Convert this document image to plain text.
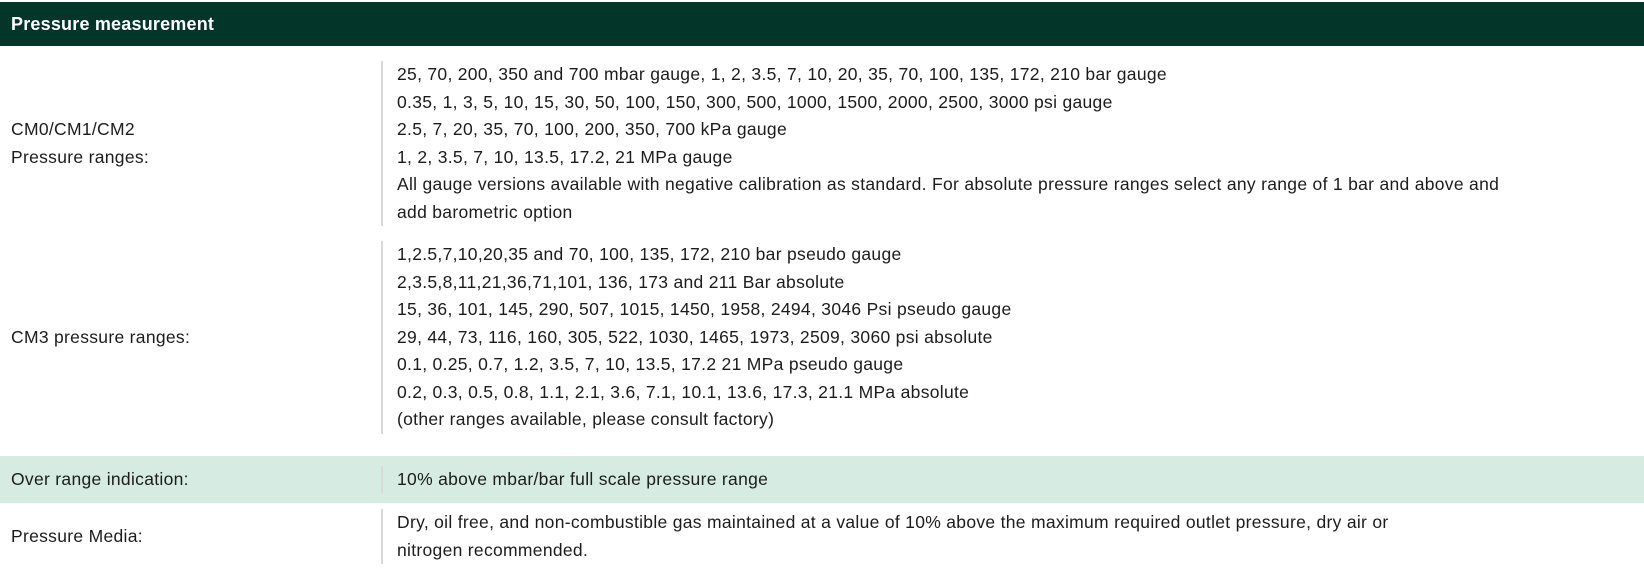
Pressure measurement
CM0/CM1/CM2
Pressure ranges:
25, 70, 200, 350 and 700 mbar gauge, 1, 2, 3.5, 7, 10, 20, 35, 70, 100, 135, 172, 210 bar gauge
0.35, 1, 3, 5, 10, 15, 30, 50, 100, 150, 300, 500, 1000, 1500, 2000, 2500, 3000 psi gauge
2.5, 7, 20, 35, 70, 100, 200, 350, 700 kPa gauge
1, 2, 3.5, 7, 10, 13.5, 17.2, 21 MPa gauge
All gauge versions available with negative calibration as standard. For absolute pressure ranges select any range of 1 bar and above and add barometric option
CM3 pressure ranges:
1,2.5,7,10,20,35 and 70, 100, 135, 172, 210 bar pseudo gauge
2,3.5,8,11,21,36,71,101, 136, 173 and 211 Bar absolute
15, 36, 101, 145, 290, 507, 1015, 1450, 1958, 2494, 3046 Psi pseudo gauge
29, 44, 73, 116, 160, 305, 522, 1030, 1465, 1973, 2509, 3060 psi absolute
0.1, 0.25, 0.7, 1.2, 3.5, 7, 10, 13.5, 17.2 21 MPa pseudo gauge
0.2, 0.3, 0.5, 0.8, 1.1, 2.1, 3.6, 7.1, 10.1, 13.6, 17.3, 21.1 MPa absolute
(other ranges available, please consult factory)
Over range indication:	10% above mbar/bar full scale pressure range
Pressure Media:
Dry, oil free, and non-combustible gas maintained at a value of 10% above the maximum required outlet pressure, dry air or nitrogen recommended.
